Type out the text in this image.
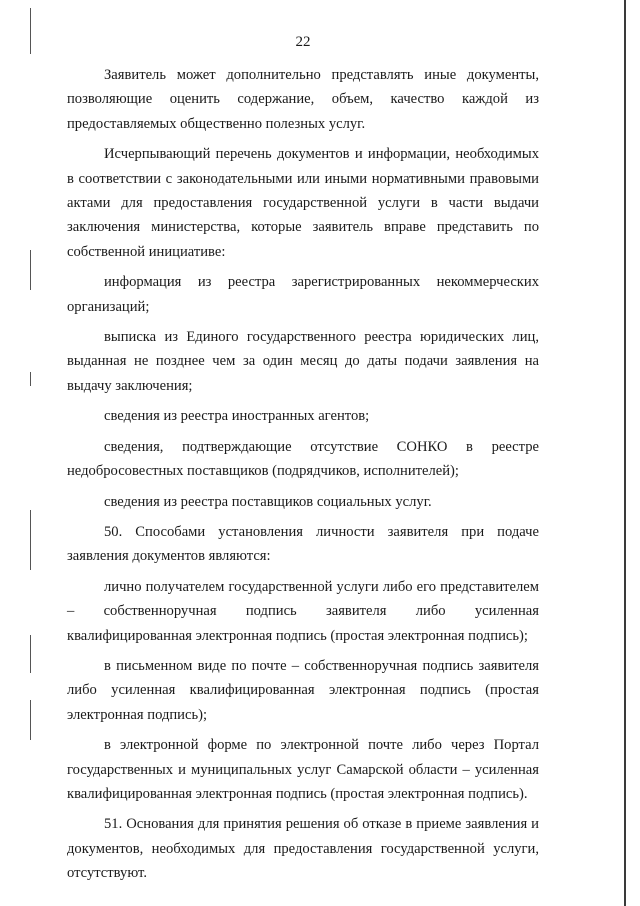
22

Заявитель может дополнительно представлять иные документы, позволяющие оценить содержание, объем, качество каждой из предоставляемых общественно полезных услуг.

Исчерпывающий перечень документов и информации, необходимых в соответствии с законодательными или иными нормативными правовыми актами для предоставления государственной услуги в части выдачи заключения министерства, которые заявитель вправе представить по собственной инициативе:

информация из реестра зарегистрированных некоммерческих организаций;

выписка из Единого государственного реестра юридических лиц, выданная не позднее чем за один месяц до даты подачи заявления на выдачу заключения;

сведения из реестра иностранных агентов;

сведения, подтверждающие отсутствие СОНКО в реестре недобросовестных поставщиков (подрядчиков, исполнителей);

сведения из реестра поставщиков социальных услуг.

50. Способами установления личности заявителя при подаче заявления документов являются:

лично получателем государственной услуги либо его представителем – собственноручная подпись заявителя либо усиленная квалифицированная электронная подпись (простая электронная подпись);

в письменном виде по почте – собственноручная подпись заявителя либо усиленная квалифицированная электронная подпись (простая электронная подпись);

в электронной форме по электронной почте либо через Портал государственных и муниципальных услуг Самарской области – усиленная квалифицированная электронная подпись (простая электронная подпись).

51. Основания для принятия решения об отказе в приеме заявления и документов, необходимых для предоставления государственной услуги, отсутствуют.
